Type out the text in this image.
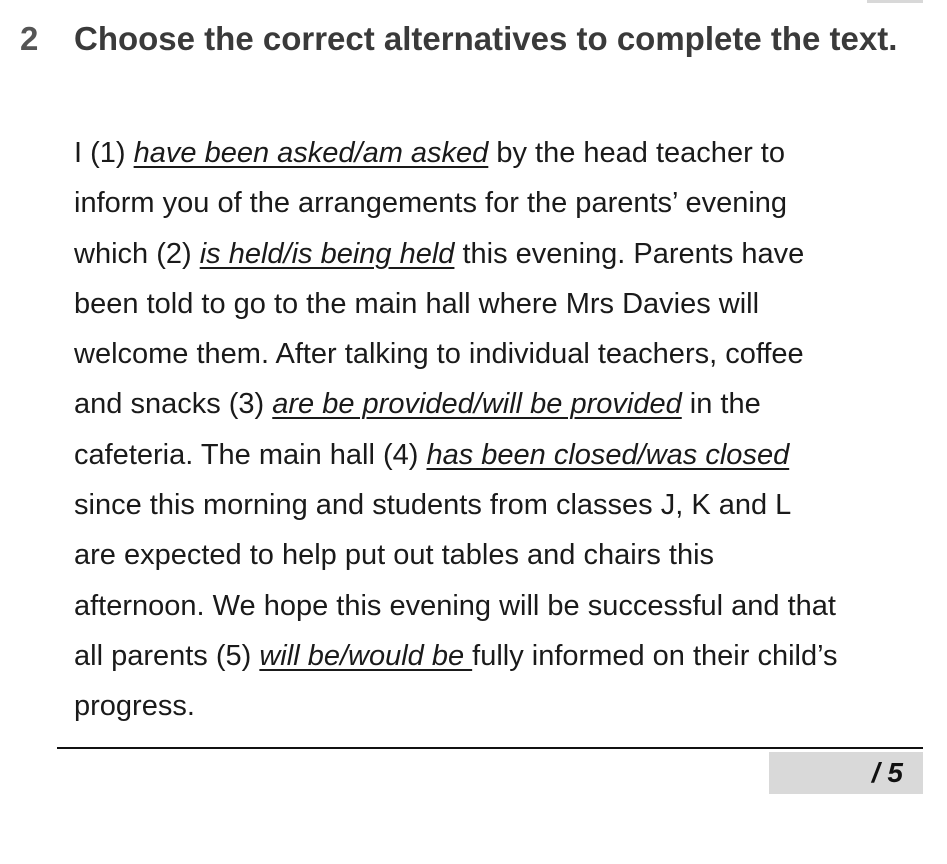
2 Choose the correct alternatives to complete the text.
I (1) have been asked/am asked by the head teacher to
inform you of the arrangements for the parents’ evening
which (2) is held/is being held this evening. Parents have
been told to go to the main hall where Mrs Davies will
welcome them. After talking to individual teachers, coffee
and snacks (3) are be provided/will be provided in the
cafeteria. The main hall (4) has been closed/was closed
since this morning and students from classes J, K and L
are expected to help put out tables and chairs this
afternoon. We hope this evening will be successful and that
all parents (5) will be/would be fully informed on their child’s
progress.
/ 5
